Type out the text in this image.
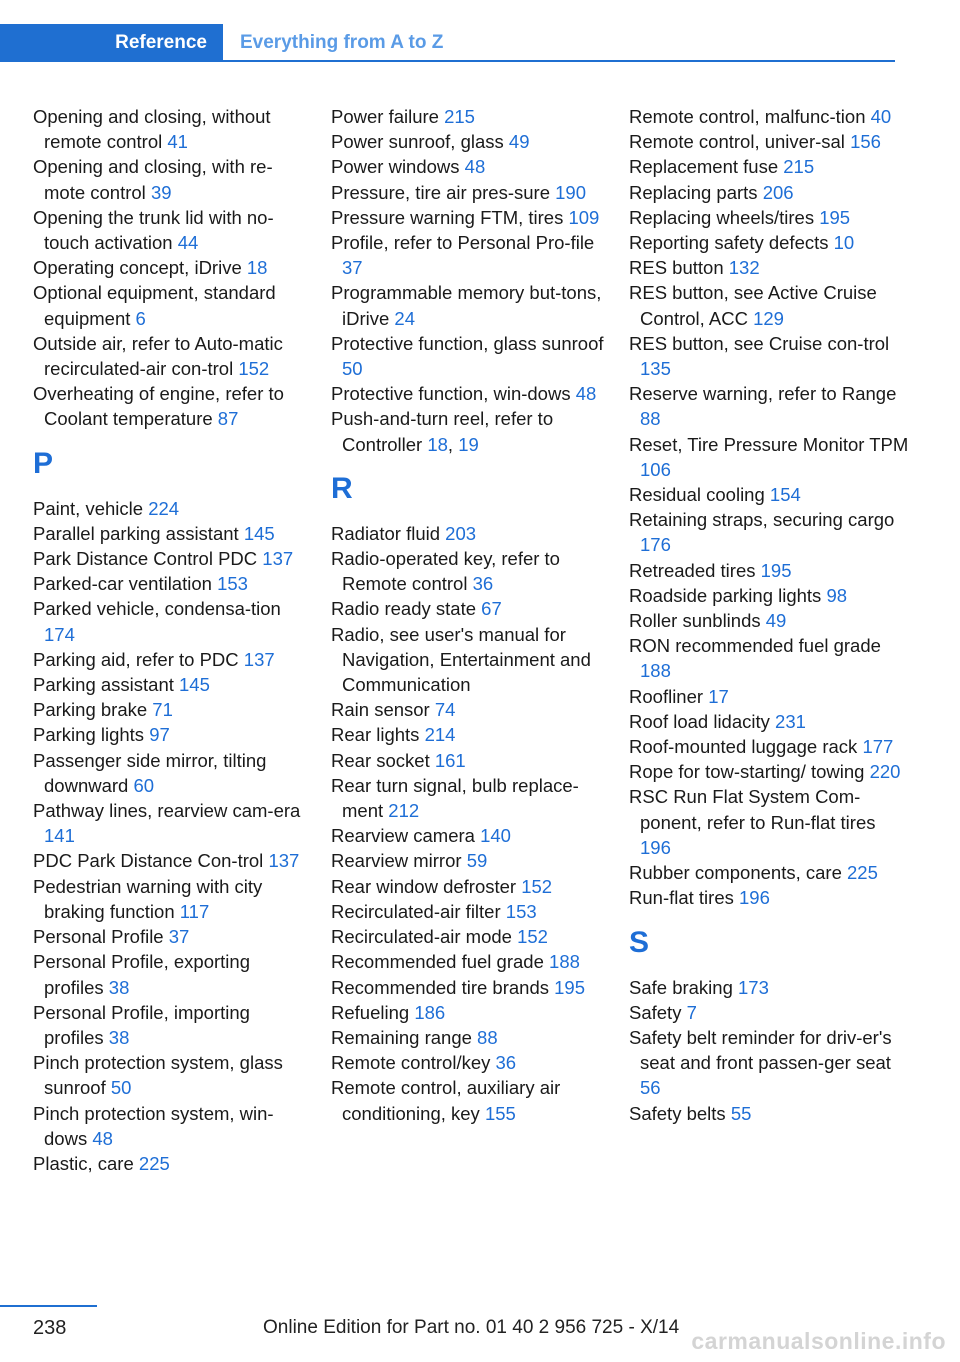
Reference	Everything from A to Z
Opening and closing, without remote control 41
Opening and closing, with re-mote control 39
Opening the trunk lid with no-touch activation 44
Operating concept, iDrive 18
Optional equipment, standard equipment 6
Outside air, refer to Auto-matic recirculated-air con-trol 152
Overheating of engine, refer to Coolant temperature 87
P
Paint, vehicle 224
Parallel parking assistant 145
Park Distance Control PDC 137
Parked-car ventilation 153
Parked vehicle, condensa-tion 174
Parking aid, refer to PDC 137
Parking assistant 145
Parking brake 71
Parking lights 97
Passenger side mirror, tilting downward 60
Pathway lines, rearview cam-era 141
PDC Park Distance Con-trol 137
Pedestrian warning with city braking function 117
Personal Profile 37
Personal Profile, exporting profiles 38
Personal Profile, importing profiles 38
Pinch protection system, glass sunroof 50
Pinch protection system, win-dows 48
Plastic, care 225
Power failure 215
Power sunroof, glass 49
Power windows 48
Pressure, tire air pres-sure 190
Pressure warning FTM, tires 109
Profile, refer to Personal Pro-file 37
Programmable memory but-tons, iDrive 24
Protective function, glass sunroof 50
Protective function, win-dows 48
Push-and-turn reel, refer to Controller 18, 19
R
Radiator fluid 203
Radio-operated key, refer to Remote control 36
Radio ready state 67
Radio, see user's manual for Navigation, Entertainment and Communication
Rain sensor 74
Rear lights 214
Rear socket 161
Rear turn signal, bulb replace-ment 212
Rearview camera 140
Rearview mirror 59
Rear window defroster 152
Recirculated-air filter 153
Recirculated-air mode 152
Recommended fuel grade 188
Recommended tire brands 195
Refueling 186
Remaining range 88
Remote control/key 36
Remote control, auxiliary air conditioning, key 155
Remote control, malfunc-tion 40
Remote control, univer-sal 156
Replacement fuse 215
Replacing parts 206
Replacing wheels/tires 195
Reporting safety defects 10
RES button 132
RES button, see Active Cruise Control, ACC 129
RES button, see Cruise con-trol 135
Reserve warning, refer to Range 88
Reset, Tire Pressure Monitor TPM 106
Residual cooling 154
Retaining straps, securing cargo 176
Retreaded tires 195
Roadside parking lights 98
Roller sunblinds 49
RON recommended fuel grade 188
Roofliner 17
Roof load lidacity 231
Roof-mounted luggage rack 177
Rope for tow-starting/ towing 220
RSC Run Flat System Com-ponent, refer to Run-flat tires 196
Rubber components, care 225
Run-flat tires 196
S
Safe braking 173
Safety 7
Safety belt reminder for driv-er's seat and front passen-ger seat 56
Safety belts 55
238	Online Edition for Part no. 01 40 2 956 725 - X/14
carmanualsonline.info
